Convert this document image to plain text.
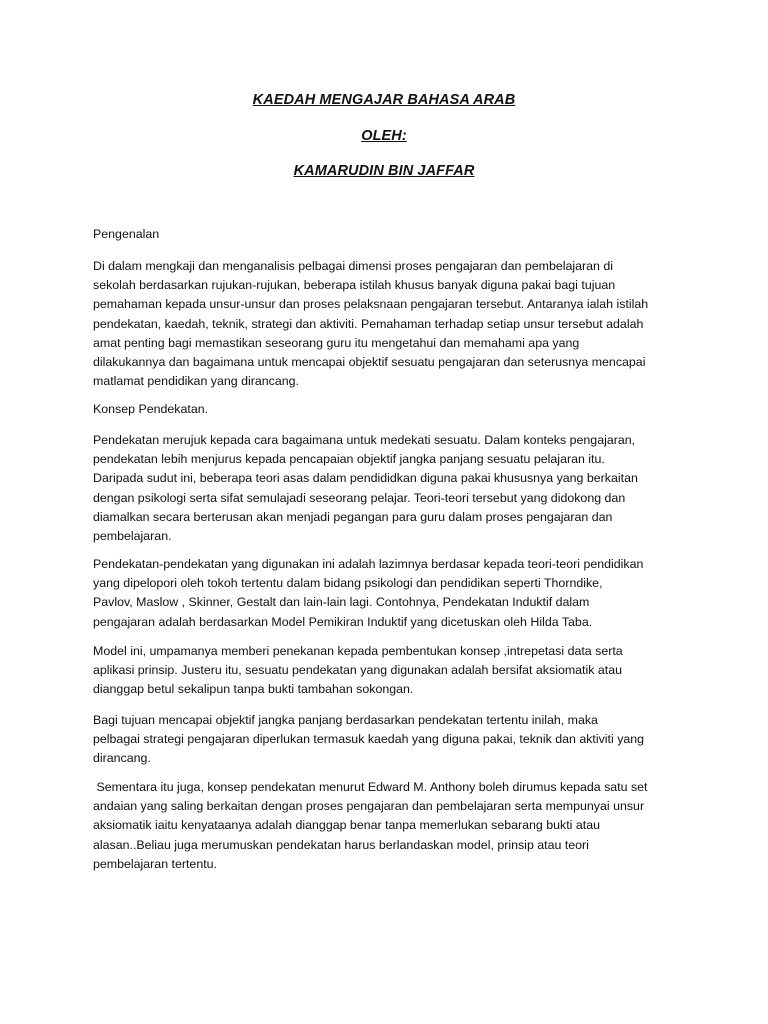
KAEDAH MENGAJAR BAHASA ARAB
OLEH:
KAMARUDIN BIN JAFFAR
Pengenalan
Di dalam mengkaji dan menganalisis pelbagai dimensi proses pengajaran dan pembelajaran di
sekolah berdasarkan rujukan-rujukan, beberapa istilah khusus banyak diguna pakai bagi tujuan
pemahaman kepada unsur-unsur dan proses pelaksnaan pengajaran tersebut. Antaranya ialah istilah
pendekatan, kaedah, teknik, strategi dan aktiviti. Pemahaman terhadap setiap unsur tersebut adalah
amat penting bagi memastikan seseorang guru itu mengetahui dan memahami apa yang
dilakukannya dan bagaimana untuk mencapai objektif sesuatu pengajaran dan seterusnya mencapai
matlamat pendidikan yang dirancang.
Konsep Pendekatan.
Pendekatan merujuk kepada cara bagaimana untuk medekati sesuatu. Dalam konteks pengajaran,
pendekatan lebih menjurus kepada pencapaian objektif jangka panjang sesuatu pelajaran itu.
Daripada sudut ini, beberapa teori asas dalam pendididkan diguna pakai khususnya yang berkaitan
dengan psikologi serta sifat semulajadi seseorang pelajar. Teori-teori tersebut yang didokong dan
diamalkan secara berterusan akan menjadi pegangan para guru dalam proses pengajaran dan
pembelajaran.
Pendekatan-pendekatan yang digunakan ini adalah lazimnya berdasar kepada teori-teori pendidikan
yang dipelopori oleh tokoh tertentu dalam bidang psikologi dan pendidikan seperti Thorndike,
Pavlov, Maslow , Skinner, Gestalt dan lain-lain lagi. Contohnya, Pendekatan Induktif dalam
pengajaran adalah berdasarkan Model Pemikiran Induktif yang dicetuskan oleh Hilda Taba.
Model ini, umpamanya memberi penekanan kepada pembentukan konsep ,intrepetasi data serta
aplikasi prinsip. Justeru itu, sesuatu pendekatan yang digunakan adalah bersifat aksiomatik atau
dianggap betul sekalipun tanpa bukti tambahan sokongan.
Bagi tujuan mencapai objektif jangka panjang berdasarkan pendekatan tertentu inilah, maka
pelbagai strategi pengajaran diperlukan termasuk kaedah yang diguna pakai, teknik dan aktiviti yang
dirancang.
Sementara itu juga, konsep pendekatan menurut Edward M. Anthony boleh dirumus kepada satu set
andaian yang saling berkaitan dengan proses pengajaran dan pembelajaran serta mempunyai unsur
aksiomatik iaitu kenyataanya adalah dianggap benar tanpa memerlukan sebarang bukti atau
alasan..Beliau juga merumuskan pendekatan harus berlandaskan model, prinsip atau teori
pembelajaran tertentu.
